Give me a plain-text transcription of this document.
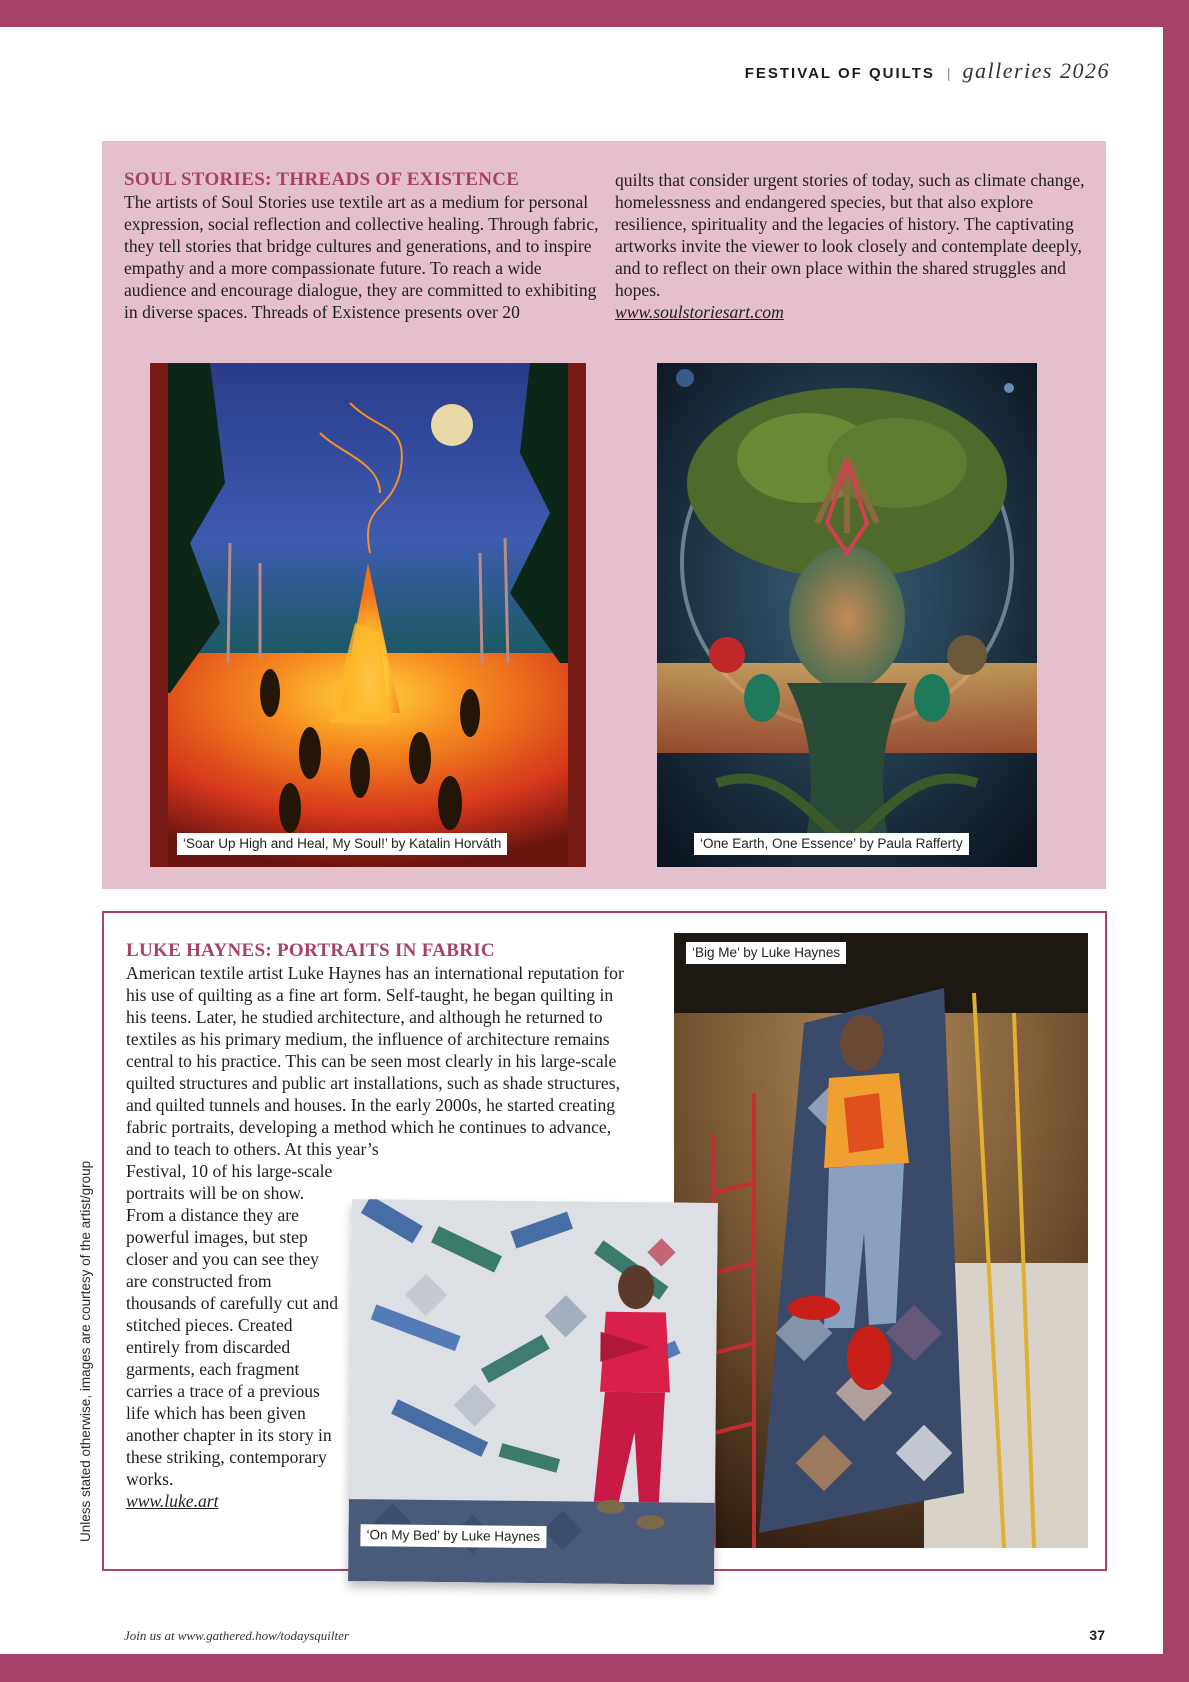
FESTIVAL OF QUILTS | galleries 2026
SOUL STORIES: THREADS OF EXISTENCE

The artists of Soul Stories use textile art as a medium for personal expression, social reflection and collective healing. Through fabric, they tell stories that bridge cultures and generations, and to inspire empathy and a more compassionate future. To reach a wide audience and encourage dialogue, they are committed to exhibiting in diverse spaces. Threads of Existence presents over 20

quilts that consider urgent stories of today, such as climate change, homelessness and endangered species, but that also explore resilience, spirituality and the legacies of history. The captivating artworks invite the viewer to look closely and contemplate deeply, and to reflect on their own place within the shared struggles and hopes.

www.soulstoriesart.com

‘Soar Up High and Heal, My Soul!’ by Katalin Horváth	‘One Earth, One Essence’ by Paula Rafferty
‘Big Me’ by Luke Haynes
‘On My Bed’ by Luke Haynes
LUKE HAYNES: PORTRAITS IN FABRIC

American textile artist Luke Haynes has an international reputation for his use of quilting as a fine art form. Self-taught, he began quilting in his teens. Later, he studied architecture, and although he returned to textiles as his primary medium, the influence of architecture remains central to his practice. This can be seen most clearly in his large-scale quilted structures and public art installations, such as shade structures, and quilted tunnels and houses. In the early 2000s, he started creating fabric portraits, developing a method which he continues to advance, and to teach to others. At this year’s

Festival, 10 of his large-scale portraits will be on show. From a distance they are powerful images, but step closer and you can see they are constructed from thousands of carefully cut and stitched pieces. Created entirely from discarded garments, each fragment carries a trace of a previous life which has been given another chapter in its story in these striking, contemporary works.

www.luke.art

Unless stated otherwise, images are courtesy of the artist/group
Join us at www.gathered.how/todaysquilter	37
